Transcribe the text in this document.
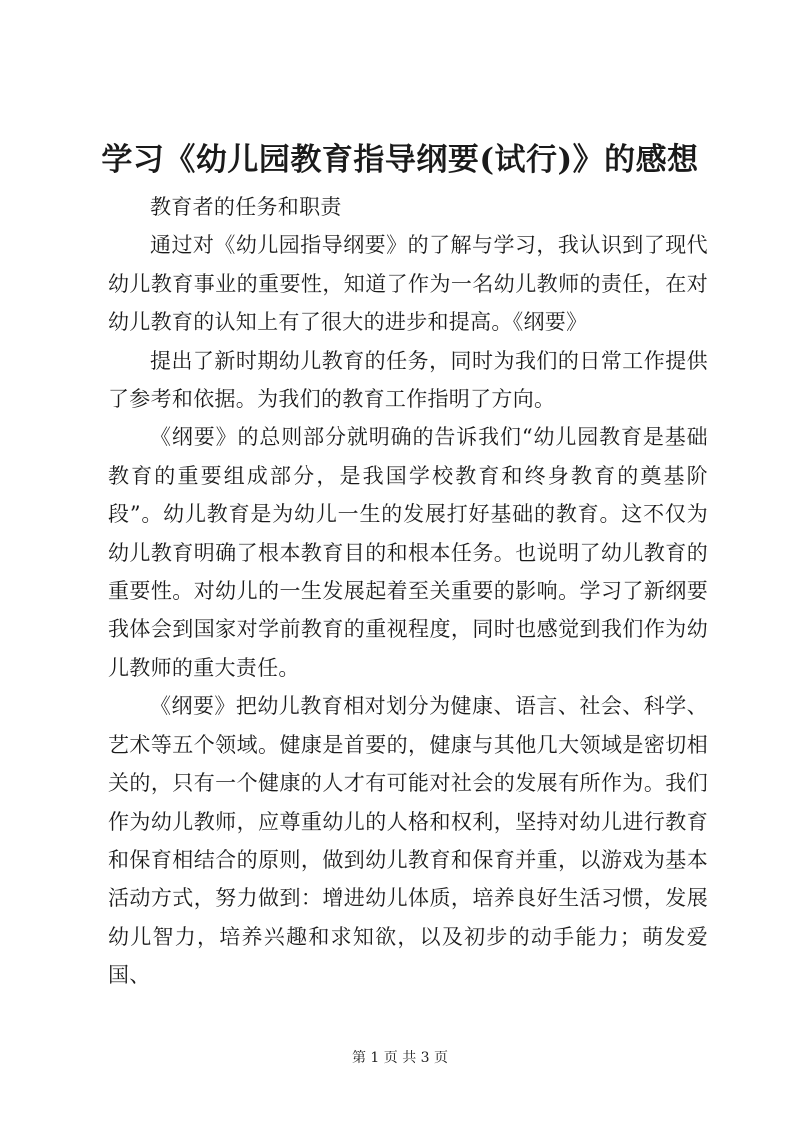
学习《幼儿园教育指导纲要(试行)》的感想

教育者的任务和职责

通过对《幼儿园指导纲要》的了解与学习，我认识到了现代幼儿教育事业的重要性，知道了作为一名幼儿教师的责任，在对幼儿教育的认知上有了很大的进步和提高。《纲要》

提出了新时期幼儿教育的任务，同时为我们的日常工作提供了参考和依据。为我们的教育工作指明了方向。

《纲要》的总则部分就明确的告诉我们“幼儿园教育是基础教育的重要组成部分，是我国学校教育和终身教育的奠基阶段”。幼儿教育是为幼儿一生的发展打好基础的教育。这不仅为幼儿教育明确了根本教育目的和根本任务。也说明了幼儿教育的重要性。对幼儿的一生发展起着至关重要的影响。学习了新纲要我体会到国家对学前教育的重视程度，同时也感觉到我们作为幼儿教师的重大责任。

《纲要》把幼儿教育相对划分为健康、语言、社会、科学、艺术等五个领域。健康是首要的，健康与其他几大领域是密切相关的，只有一个健康的人才有可能对社会的发展有所作为。我们作为幼儿教师，应尊重幼儿的人格和权利，坚持对幼儿进行教育和保育相结合的原则，做到幼儿教育和保育并重，以游戏为基本活动方式，努力做到：增进幼儿体质，培养良好生活习惯，发展幼儿智力，培养兴趣和求知欲，以及初步的动手能力；萌发爱国、

第 1 页 共 3 页
